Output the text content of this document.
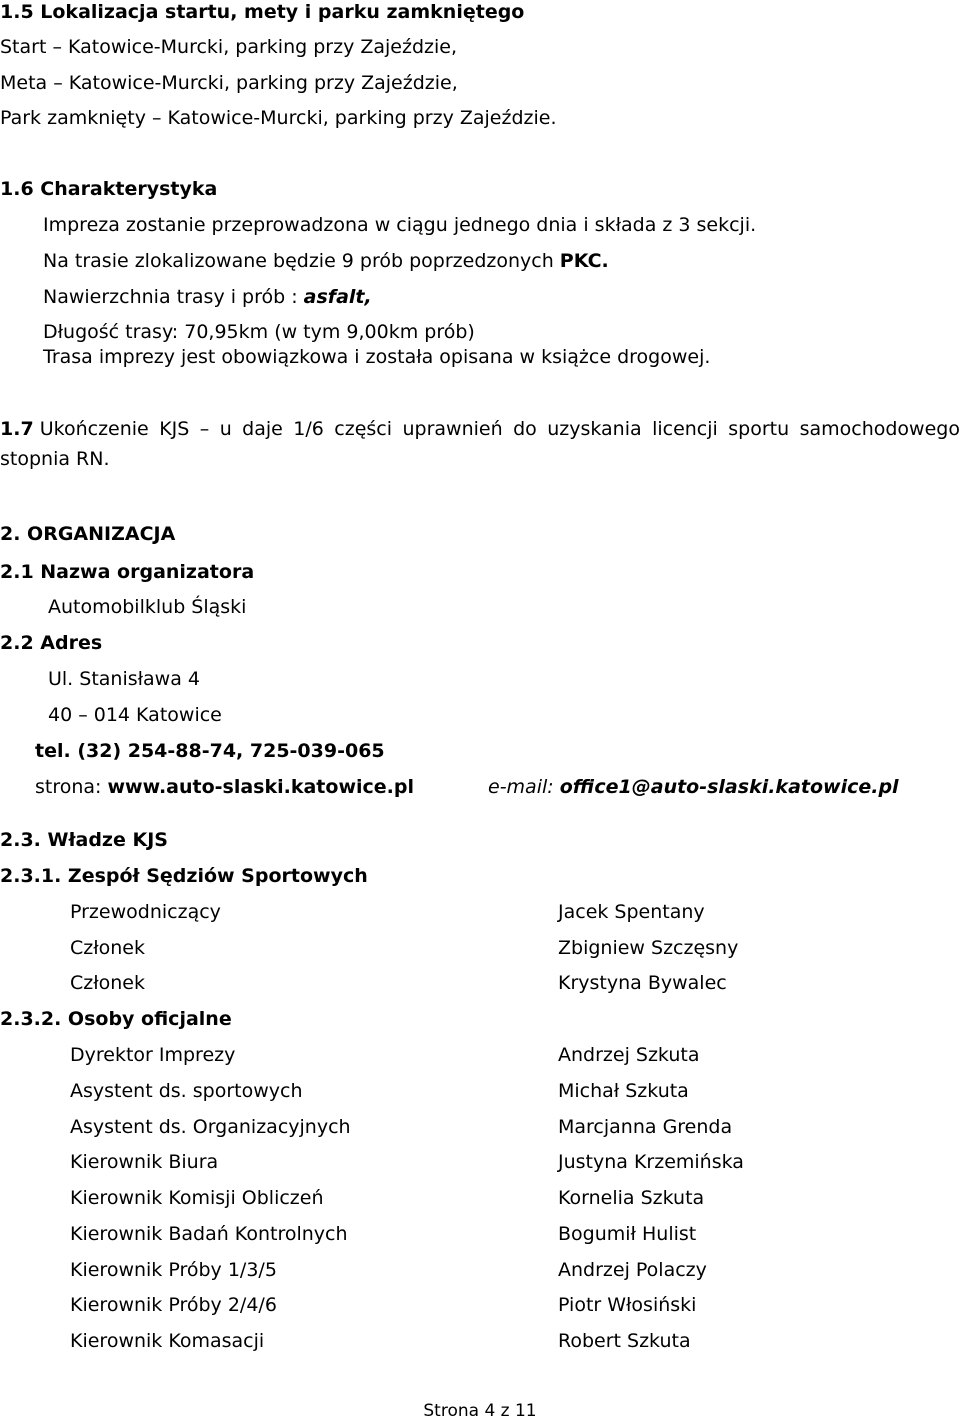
1.5 Lokalizacja startu, mety i parku zamkniętego
Start – Katowice-Murcki, parking przy Zajeździe,
Meta – Katowice-Murcki, parking przy Zajeździe,
Park zamknięty – Katowice-Murcki, parking przy Zajeździe.
1.6 Charakterystyka
Impreza zostanie przeprowadzona w ciągu jednego dnia i składa z 3 sekcji.
Na trasie zlokalizowane będzie 9 prób poprzedzonych PKC.
Nawierzchnia trasy i prób : asfalt,
Długość trasy: 70,95km (w tym 9,00km prób)
Trasa imprezy jest obowiązkowa i została opisana w książce drogowej.
1.7 Ukończenie KJS – u daje 1/6 części uprawnień do uzyskania licencji sportu samochodowego
stopnia RN.
2. ORGANIZACJA
2.1 Nazwa organizatora
Automobilklub Śląski
2.2 Adres
Ul. Stanisława 4
40 – 014 Katowice
tel. (32) 254-88-74, 725-039-065
strona: www.auto-slaski.katowice.pl	e-mail: office1@auto-slaski.katowice.pl
2.3. Władze KJS
2.3.1. Zespół Sędziów Sportowych
Przewodniczący	Jacek Spentany
Członek	Zbigniew Szczęsny
Członek	Krystyna Bywalec
2.3.2. Osoby oficjalne
Dyrektor Imprezy	Andrzej Szkuta
Asystent ds. sportowych	Michał Szkuta
Asystent ds. Organizacyjnych	Marcjanna Grenda
Kierownik Biura	Justyna Krzemińska
Kierownik Komisji Obliczeń	Kornelia Szkuta
Kierownik Badań Kontrolnych	Bogumił Hulist
Kierownik Próby 1/3/5	Andrzej Polaczy
Kierownik Próby 2/4/6	Piotr Włosiński
Kierownik Komasacji	Robert Szkuta
Strona 4 z 11
